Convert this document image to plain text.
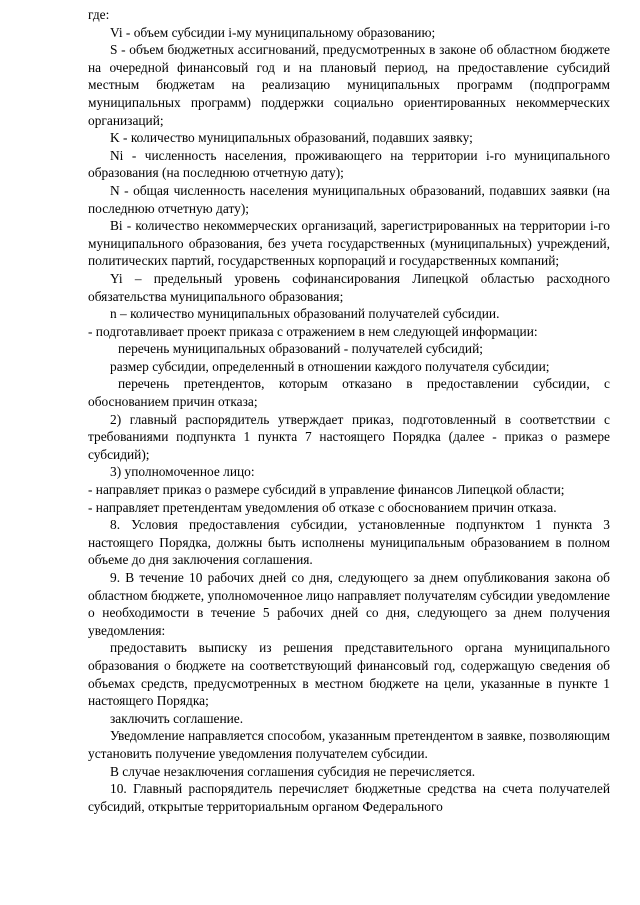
где:

Vi - объем субсидии i-му муниципальному образованию;

S - объем бюджетных ассигнований, предусмотренных в законе об областном бюджете на очередной финансовый год и на плановый период, на предоставление субсидий местным бюджетам на реализацию муниципальных программ (подпрограмм муниципальных программ) поддержки социально ориентированных некоммерческих организаций;

K - количество муниципальных образований, подавших заявку;

Ni - численность населения, проживающего на территории i-го муниципального образования (на последнюю отчетную дату);

N - общая численность населения муниципальных образований, подавших заявки (на последнюю отчетную дату);

Bi - количество некоммерческих организаций, зарегистрированных на территории i-го муниципального образования, без учета государственных (муниципальных) учреждений, политических партий, государственных корпораций и государственных компаний;

Yi – предельный уровень софинансирования Липецкой областью расходного обязательства муниципального образования;

n – количество муниципальных образований получателей субсидии.

- подготавливает проект приказа с отражением в нем следующей информации:

перечень муниципальных образований - получателей субсидий;

размер субсидии, определенный в отношении каждого получателя субсидии;

перечень претендентов, которым отказано в предоставлении субсидии, с обоснованием причин отказа;

2) главный распорядитель утверждает приказ, подготовленный в соответствии с требованиями подпункта 1 пункта 7 настоящего Порядка (далее - приказ о размере субсидий);

3) уполномоченное лицо:

- направляет приказ о размере субсидий в управление финансов Липецкой области;

- направляет претендентам уведомления об отказе с обоснованием причин отказа.

8. Условия предоставления субсидии, установленные подпунктом 1 пункта 3 настоящего Порядка, должны быть исполнены муниципальным образованием в полном объеме до дня заключения соглашения.

9. В течение 10 рабочих дней со дня, следующего за днем опубликования закона об областном бюджете, уполномоченное лицо направляет получателям субсидии уведомление о необходимости в течение 5 рабочих дней со дня, следующего за днем получения уведомления:

предоставить выписку из решения представительного органа муниципального образования о бюджете на соответствующий финансовый год, содержащую сведения об объемах средств, предусмотренных в местном бюджете на цели, указанные в пункте 1 настоящего Порядка;

заключить соглашение.

Уведомление направляется способом, указанным претендентом в заявке, позволяющим установить получение уведомления получателем субсидии.

В случае незаключения соглашения субсидия не перечисляется.

10. Главный распорядитель перечисляет бюджетные средства на счета получателей субсидий, открытые территориальным органом Федерального
